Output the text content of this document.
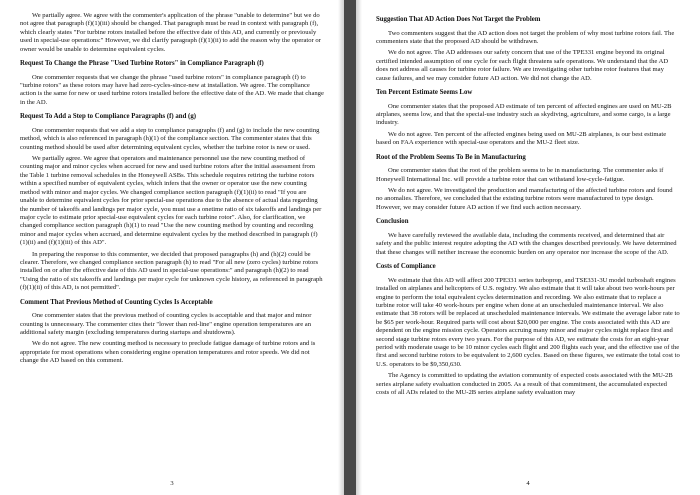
We partially agree. We agree with the commenter's application of the phrase "unable to determine" but we do not agree that paragraph (f)(1)(iii) should be changed. That paragraph must be read in context with paragraph (f), which clearly states "For turbine rotors installed before the effective date of this AD, and currently or previously used in special-use operations:" However, we did clarify paragraph (f)(1)(ii) to add the reason why the operator or owner would be unable to determine equivalent cycles.

Request To Change the Phrase "Used Turbine Rotors" in Compliance Paragraph (f)

One commenter requests that we change the phrase "used turbine rotors" in compliance paragraph (f) to "turbine rotors" as these rotors may have had zero-cycles-since-new at installation. We agree. The compliance action is the same for new or used turbine rotors installed before the effective date of the AD. We made that change in the AD.

Request To Add a Step to Compliance Paragraphs (f) and (g)

One commenter requests that we add a step to compliance paragraphs (f) and (g) to include the new counting method, which is also referenced in paragraph (h)(1) of the compliance section. The commenter states that this counting method should be used after determining equivalent cycles, whether the turbine rotor is new or used.

We partially agree. We agree that operators and maintenance personnel use the new counting method of counting major and minor cycles when accrued for new and used turbine rotors after the initial assessment from the Table 1 turbine removal schedules in the Honeywell ASBs. This schedule requires retiring the turbine rotors within a specified number of equivalent cycles, which infers that the owner or operator use the new counting method with minor and major cycles. We changed compliance section paragraph (f)(1)(ii) to read "If you are unable to determine equivalent cycles for prior special-use operations due to the absence of actual data regarding the number of takeoffs and landings per major cycle, you must use a onetime ratio of six takeoffs and landings per major cycle to estimate prior special-use equivalent cycles for each turbine rotor". Also, for clarification, we changed compliance section paragraph (h)(1) to read "Use the new counting method by counting and recording minor and major cycles when accrued, and determine equivalent cycles by the method described in paragraph (f)(1)(ii) and (f)(1)(iii) of this AD".

In preparing the response to this commenter, we decided that proposed paragraphs (h) and (h)(2) could be clearer. Therefore, we changed compliance section paragraph (h) to read "For all new (zero cycles) turbine rotors installed on or after the effective date of this AD used in special-use operations:" and paragraph (h)(2) to read "Using the ratio of six takeoffs and landings per major cycle for unknown cycle history, as referenced in paragraph (f)(1)(ii) of this AD, is not permitted".

Comment That Previous Method of Counting Cycles Is Acceptable

One commenter states that the previous method of counting cycles is acceptable and that major and minor counting is unnecessary. The commenter cites their "lower than red-line" engine operation temperatures are an additional safety margin (excluding temperatures during startups and shutdowns).

We do not agree. The new counting method is necessary to preclude fatigue damage of turbine rotors and is appropriate for most operations when considering engine operation temperatures and rotor speeds. We did not change the AD based on this comment.

3
Suggestion That AD Action Does Not Target the Problem

Two commenters suggest that the AD action does not target the problem of why most turbine rotors fail. The commenters state that the proposed AD should be withdrawn.

We do not agree. The AD addresses our safety concern that use of the TPE331 engine beyond its original certified intended assumption of one cycle for each flight threatens safe operations. We understand that the AD does not address all causes for turbine rotor failure. We are investigating other turbine rotor features that may cause failures, and we may consider future AD action. We did not change the AD.

Ten Percent Estimate Seems Low

One commenter states that the proposed AD estimate of ten percent of affected engines are used on MU-2B airplanes, seems low, and that the special-use industry such as skydiving, agriculture, and some cargo, is a large industry.

We do not agree. Ten percent of the affected engines being used on MU-2B airplanes, is our best estimate based on FAA experience with special-use operators and the MU-2 fleet size.

Root of the Problem Seems To Be in Manufacturing

One commenter states that the root of the problem seems to be in manufacturing. The commenter asks if Honeywell International Inc. will provide a turbine rotor that can withstand low-cycle-fatigue.

We do not agree. We investigated the production and manufacturing of the affected turbine rotors and found no anomalies. Therefore, we concluded that the existing turbine rotors were manufactured to type design. However, we may consider future AD action if we find such action necessary.

Conclusion

We have carefully reviewed the available data, including the comments received, and determined that air safety and the public interest require adopting the AD with the changes described previously. We have determined that these changes will neither increase the economic burden on any operator nor increase the scope of the AD.

Costs of Compliance

We estimate that this AD will affect 200 TPE331 series turboprop, and TSE331-3U model turboshaft engines installed on airplanes and helicopters of U.S. registry. We also estimate that it will take about two work-hours per engine to perform the total equivalent cycles determination and recording. We also estimate that to replace a turbine rotor will take 40 work-hours per engine when done at an unscheduled maintenance interval. We also estimate that 38 rotors will be replaced at unscheduled maintenance intervals. We estimate the average labor rate to be $65 per work-hour. Required parts will cost about $20,000 per engine. The costs associated with this AD are dependent on the engine mission cycle. Operators accruing many minor and major cycles might replace first and second stage turbine rotors every two years. For the purpose of this AD, we estimate the costs for an eight-year period with moderate usage to be 10 minor cycles each flight and 200 flights each year, and the effective use of the first and second turbine rotors to be equivalent to 2,600 cycles. Based on these figures, we estimate the total cost to U.S. operators to be $9,350,630.

The Agency is committed to updating the aviation community of expected costs associated with the MU-2B series airplane safety evaluation conducted in 2005. As a result of that commitment, the accumulated expected costs of all ADs related to the MU-2B series airplane safety evaluation may

4
